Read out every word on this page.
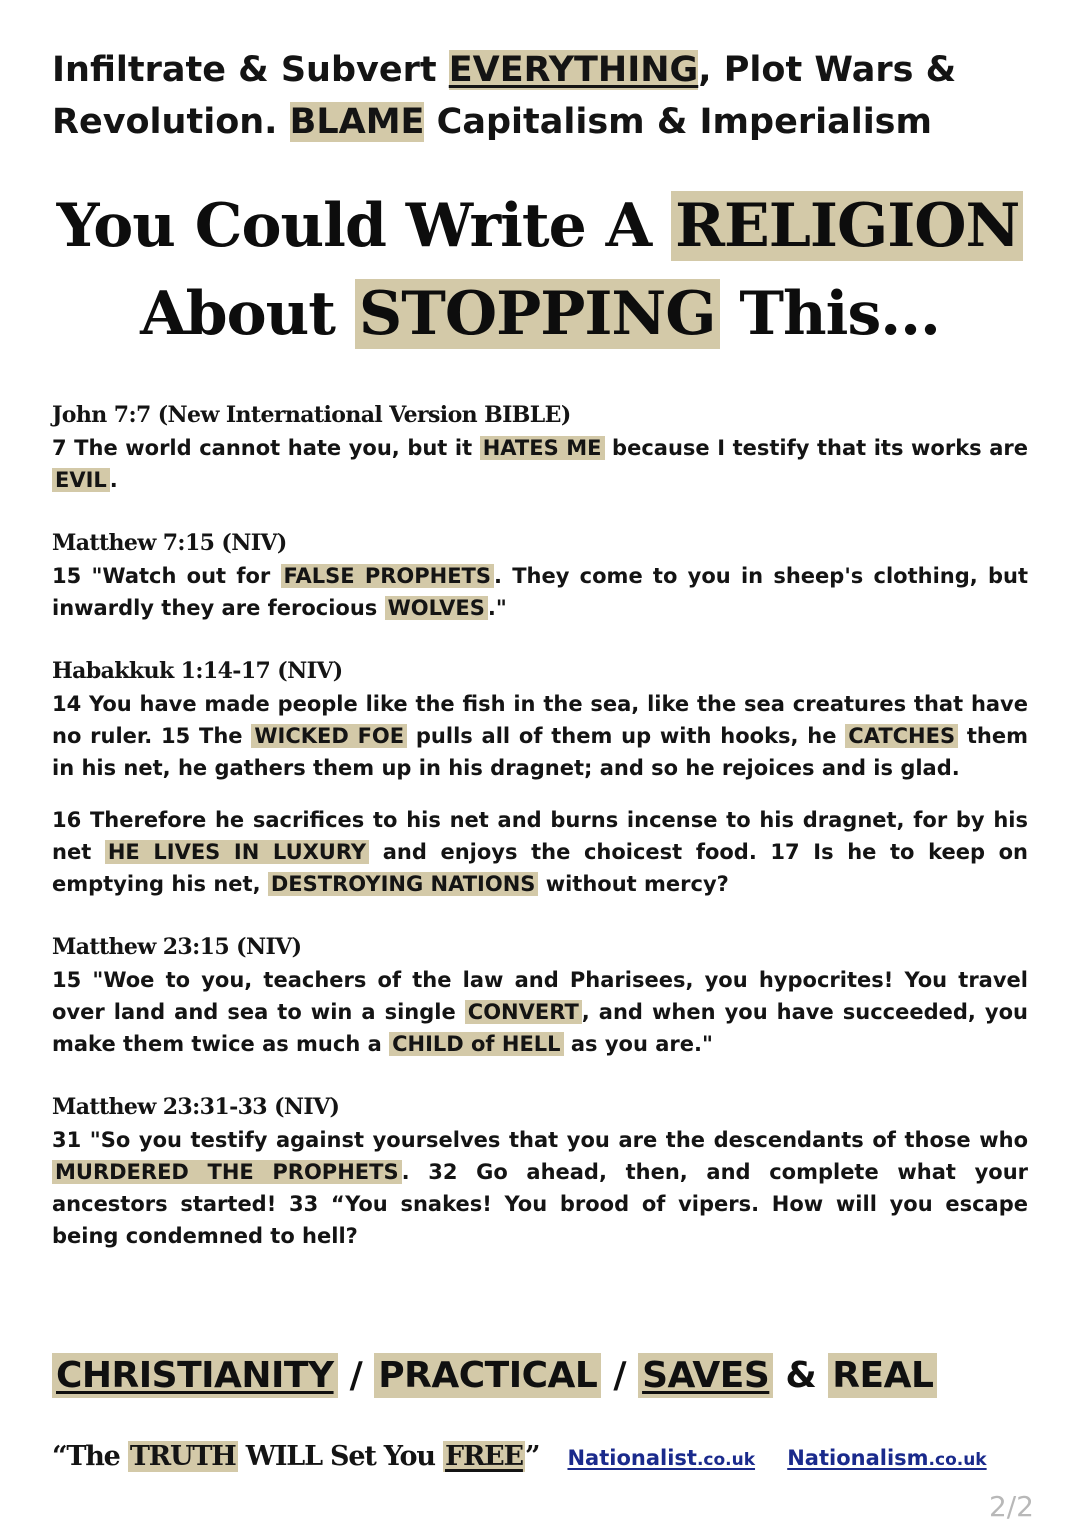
Infiltrate & Subvert EVERYTHING, Plot Wars &
Revolution. BLAME Capitalism & Imperialism
You Could Write A RELIGION
About STOPPING This...
John 7:7 (New International Version BIBLE)
7 The world cannot hate you, but it HATES ME because I testify that its works are EVIL .
Matthew 7:15 (NIV)
15 "Watch out for FALSE PROPHETS . They come to you in sheep's clothing, but inwardly they are ferocious WOLVES ."
Habakkuk 1:14-17 (NIV)
14 You have made people like the fish in the sea, like the sea creatures that have no ruler. 15 The WICKED FOE pulls all of them up with hooks, he CATCHES them in his net, he gathers them up in his dragnet; and so he rejoices and is glad.
16 Therefore he sacrifices to his net and burns incense to his dragnet, for by his net HE LIVES IN LUXURY and enjoys the choicest food. 17 Is he to keep on emptying his net, DESTROYING NATIONS without mercy?
Matthew 23:15 (NIV)
15 "Woe to you, teachers of the law and Pharisees, you hypocrites! You travel over land and sea to win a single CONVERT , and when you have succeeded, you make them twice as much a CHILD of HELL as you are."
Matthew 23:31-33 (NIV)
31 "So you testify against yourselves that you are the descendants of those who MURDERED THE PROPHETS . 32 Go ahead, then, and complete what your ancestors started! 33 “You snakes! You brood of vipers. How will you escape being condemned to hell?
CHRISTIANITY / PRACTICAL / SAVES & REAL
“The TRUTH WILL Set You FREE” Nationalist.co.uk Nationalism.co.uk
2/2
